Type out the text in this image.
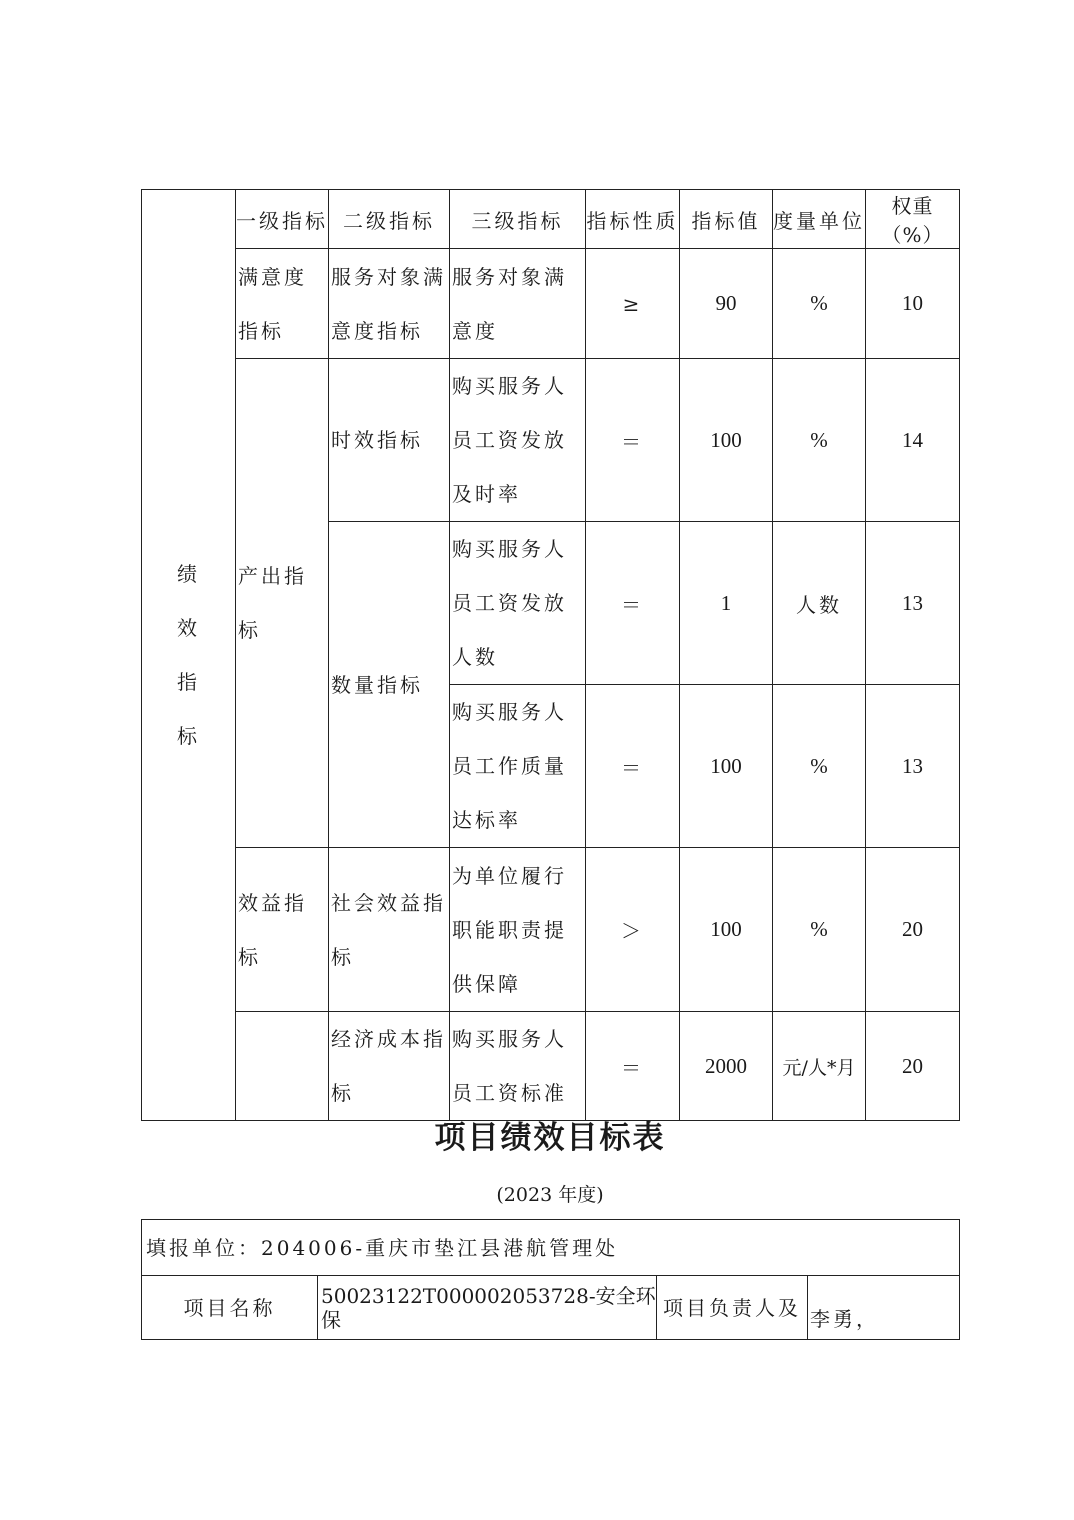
绩
效
指
标	一级指标	二级指标	三级指标	指标性质	指标值	度量单位	权重（%）
	满意度指标	服务对象满意度指标	服务对象满意度	≥	90	%	10
	产出指标	时效指标	购买服务人员工资发放及时率	＝	100	%	14
		数量指标	购买服务人员工资发放人数	＝	1	人数	13
			购买服务人员工作质量达标率	＝	100	%	13
	效益指标	社会效益指标	为单位履行职能职责提供保障	＞	100	%	20
		经济成本指标	购买服务人员工资标准	＝	2000	元/人*月	20
项目绩效目标表
(2023 年度)
填报单位：204006-重庆市垫江县港航管理处
项目名称	50023122T000002053728-安全环保	项目负责人及	李勇，
